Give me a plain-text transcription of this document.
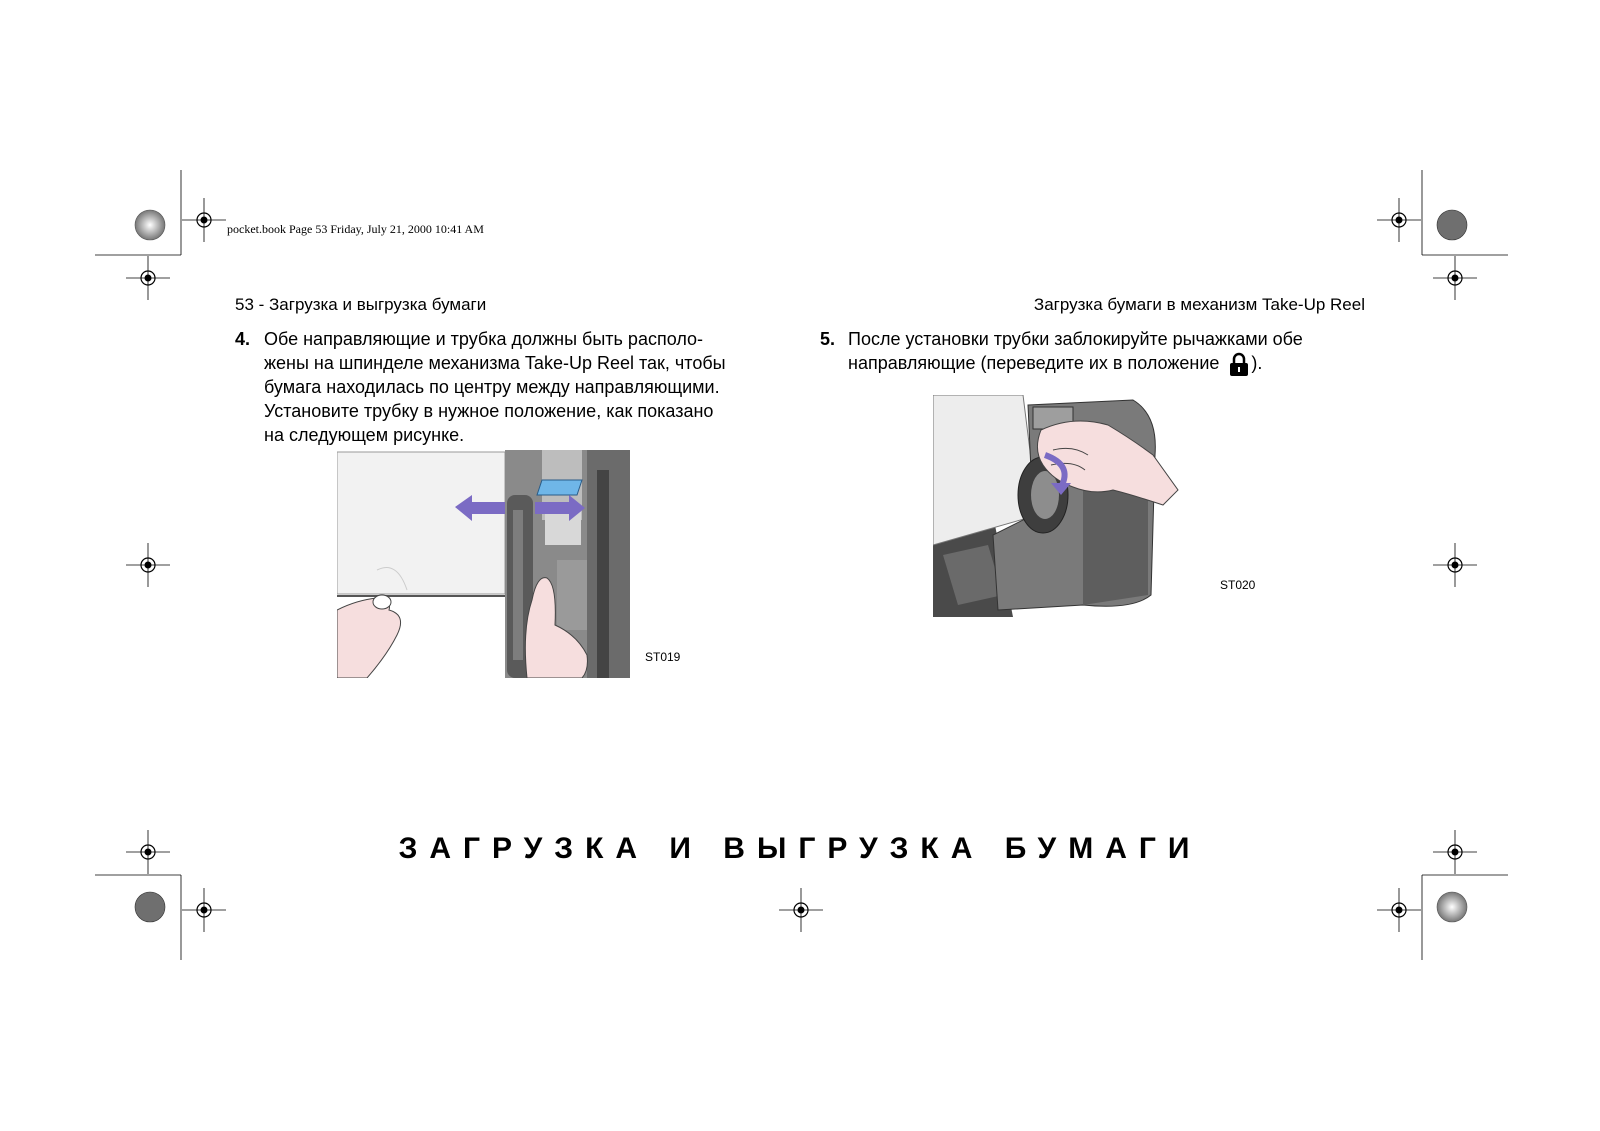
pocket.book Page 53 Friday, July 21, 2000 10:41 AM
53 - Загрузка и выгрузка бумаги	Загрузка бумаги в механизм Take-Up Reel
4. Обе направляющие и трубка должны быть располо-
жены на шпинделе механизма Take-Up Reel так, чтобы
бумага находилась по центру между направляющими.
Установите трубку в нужное положение, как показано
на следующем рисунке.
ST019
5. После установки трубки заблокируйте рычажками обе
направляющие (переведите их в положение ).
ST020
ЗАГРУЗКА И ВЫГРУЗКА БУМАГИ
